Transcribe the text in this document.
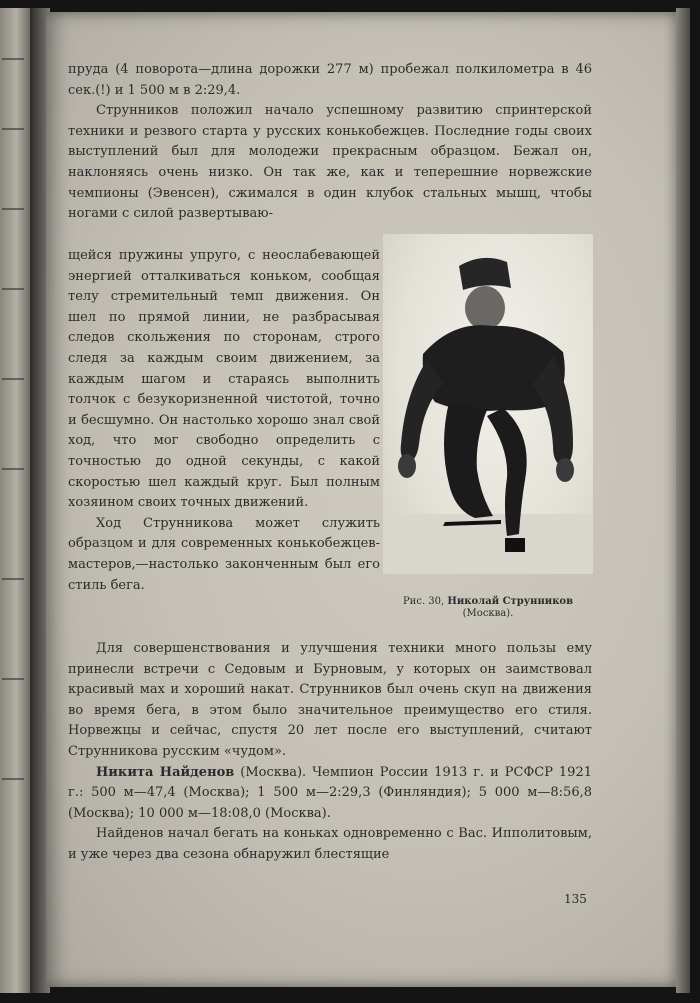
пруда (4 поворота—длина дорожки 277 м) пробежал полкилометра в 46 сек.(!) и 1 500 м в 2:29,4.

Струнников положил начало успешному развитию спринтерской техники и резвого старта у русских конькобежцев. Последние годы своих выступлений был для молодежи прекрасным образцом. Бежал он, наклоняясь очень низко. Он так же, как и теперешние норвежские чемпионы (Эвенсен), сжимался в один клубок стальных мышц, чтобы ногами с силой развертываю-

щейся пружины упруго, с неослабевающей энергией отталкиваться коньком, сообщая телу стремительный темп движения. Он шел по прямой линии, не разбрасывая следов скольжения по сторонам, строго следя за каждым своим движением, за каждым шагом и стараясь выполнить толчок с безукоризненной чистотой, точно и бесшумно. Он настолько хорошо знал свой ход, что мог свободно определить с точностью до одной секунды, с какой скоростью шел каждый круг. Был полным хозяином своих точных движений.

Ход Струнникова может служить образцом и для современных конькобежцев-мастеров,—настолько законченным был его стиль бега.

Рис. 30, Николай Струнников
(Москва).

Для совершенствования и улучшения техники много пользы ему принесли встречи с Седовым и Бурновым, у которых он заимствовал красивый мах и хороший накат. Струнников был очень скуп на движения во время бега, в этом было значительное преимущество его стиля. Норвежцы и сейчас, спустя 20 лет после его выступлений, считают Струнникова русским «чудом».

Никита Найденов (Москва). Чемпион России 1913 г. и РСФСР 1921 г.: 500 м—47,4 (Москва); 1 500 м—2:29,3 (Финляндия); 5 000 м—8:56,8 (Москва); 10 000 м—18:08,0 (Москва).

Найденов начал бегать на коньках одновременно с Вас. Ипполитовым, и уже через два сезона обнаружил блестящие

135
